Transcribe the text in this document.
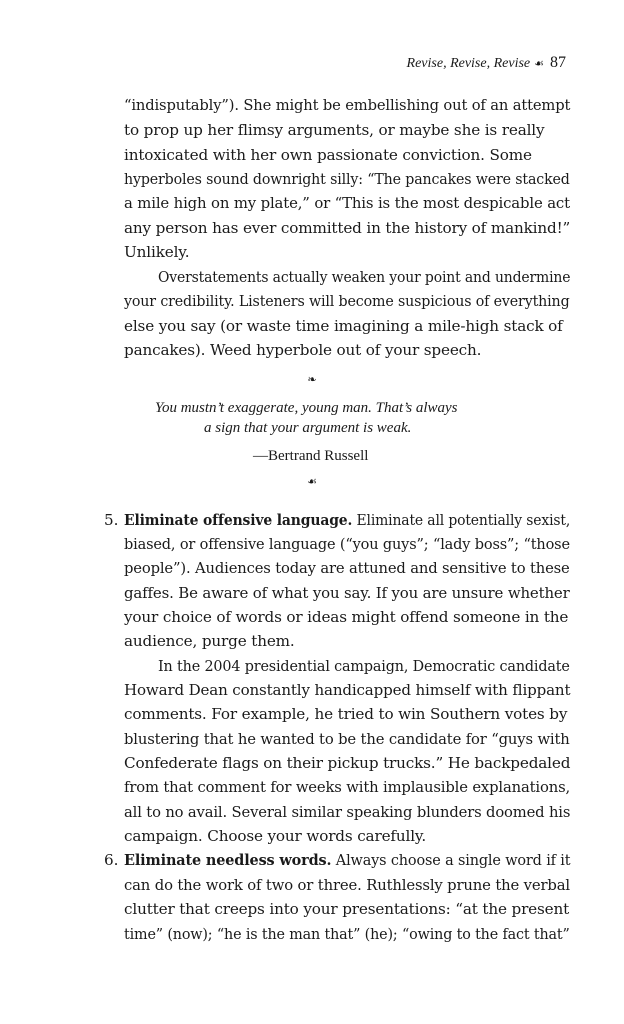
Revise, Revise, Revise ☙ 87
“indisputably”). She might be embellishing out of an attempt
to prop up her flimsy arguments, or maybe she is really
intoxicated with her own passionate conviction. Some
hyperboles sound downright silly: “The pancakes were stacked
a mile high on my plate,” or “This is the most despicable act
any person has ever committed in the history of mankind!”
Unlikely.
Overstatements actually weaken your point and undermine
your credibility. Listeners will become suspicious of everything
else you say (or waste time imagining a mile-high stack of
pancakes). Weed hyperbole out of your speech.
❧
You mustn’t exaggerate, young man. That’s always
a sign that your argument is weak.
—Bertrand Russell
☙
5. Eliminate offensive language. Eliminate all potentially sexist,
biased, or offensive language (“you guys”; “lady boss”; “those
people”). Audiences today are attuned and sensitive to these
gaffes. Be aware of what you say. If you are unsure whether
your choice of words or ideas might offend someone in the
audience, purge them.
In the 2004 presidential campaign, Democratic candidate
Howard Dean constantly handicapped himself with flippant
comments. For example, he tried to win Southern votes by
blustering that he wanted to be the candidate for “guys with
Confederate flags on their pickup trucks.” He backpedaled
from that comment for weeks with implausible explanations,
all to no avail. Several similar speaking blunders doomed his
campaign. Choose your words carefully.
6. Eliminate needless words. Always choose a single word if it
can do the work of two or three. Ruthlessly prune the verbal
clutter that creeps into your presentations: “at the present
time” (now); “he is the man that” (he); “owing to the fact that”
